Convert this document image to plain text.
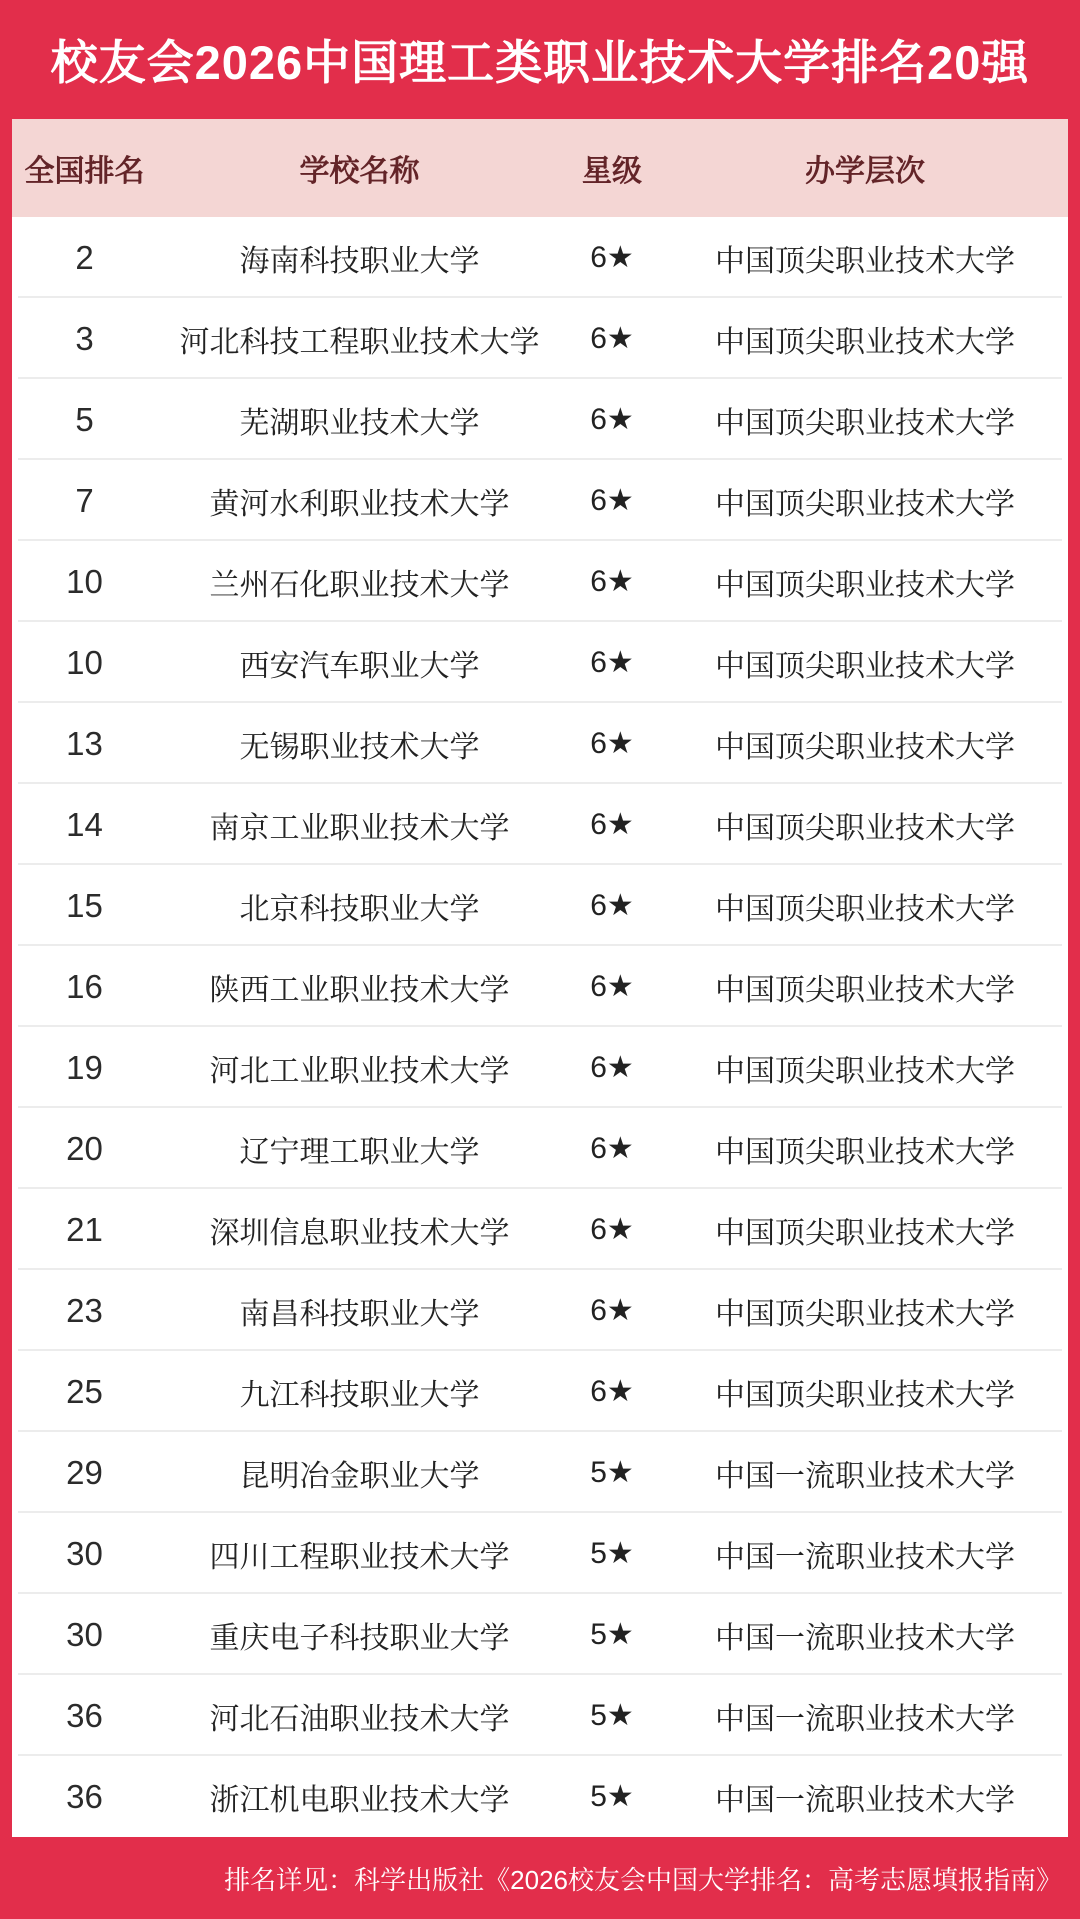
校友会2026中国理工类职业技术大学排名20强
全国排名	学校名称	星级	办学层次
2	海南科技职业大学	6★	中国顶尖职业技术大学
3	河北科技工程职业技术大学	6★	中国顶尖职业技术大学
5	芜湖职业技术大学	6★	中国顶尖职业技术大学
7	黄河水利职业技术大学	6★	中国顶尖职业技术大学
10	兰州石化职业技术大学	6★	中国顶尖职业技术大学
10	西安汽车职业大学	6★	中国顶尖职业技术大学
13	无锡职业技术大学	6★	中国顶尖职业技术大学
14	南京工业职业技术大学	6★	中国顶尖职业技术大学
15	北京科技职业大学	6★	中国顶尖职业技术大学
16	陕西工业职业技术大学	6★	中国顶尖职业技术大学
19	河北工业职业技术大学	6★	中国顶尖职业技术大学
20	辽宁理工职业大学	6★	中国顶尖职业技术大学
21	深圳信息职业技术大学	6★	中国顶尖职业技术大学
23	南昌科技职业大学	6★	中国顶尖职业技术大学
25	九江科技职业大学	6★	中国顶尖职业技术大学
29	昆明冶金职业大学	5★	中国一流职业技术大学
30	四川工程职业技术大学	5★	中国一流职业技术大学
30	重庆电子科技职业大学	5★	中国一流职业技术大学
36	河北石油职业技术大学	5★	中国一流职业技术大学
36	浙江机电职业技术大学	5★	中国一流职业技术大学
排名详见：科学出版社《2026校友会中国大学排名：高考志愿填报指南》
